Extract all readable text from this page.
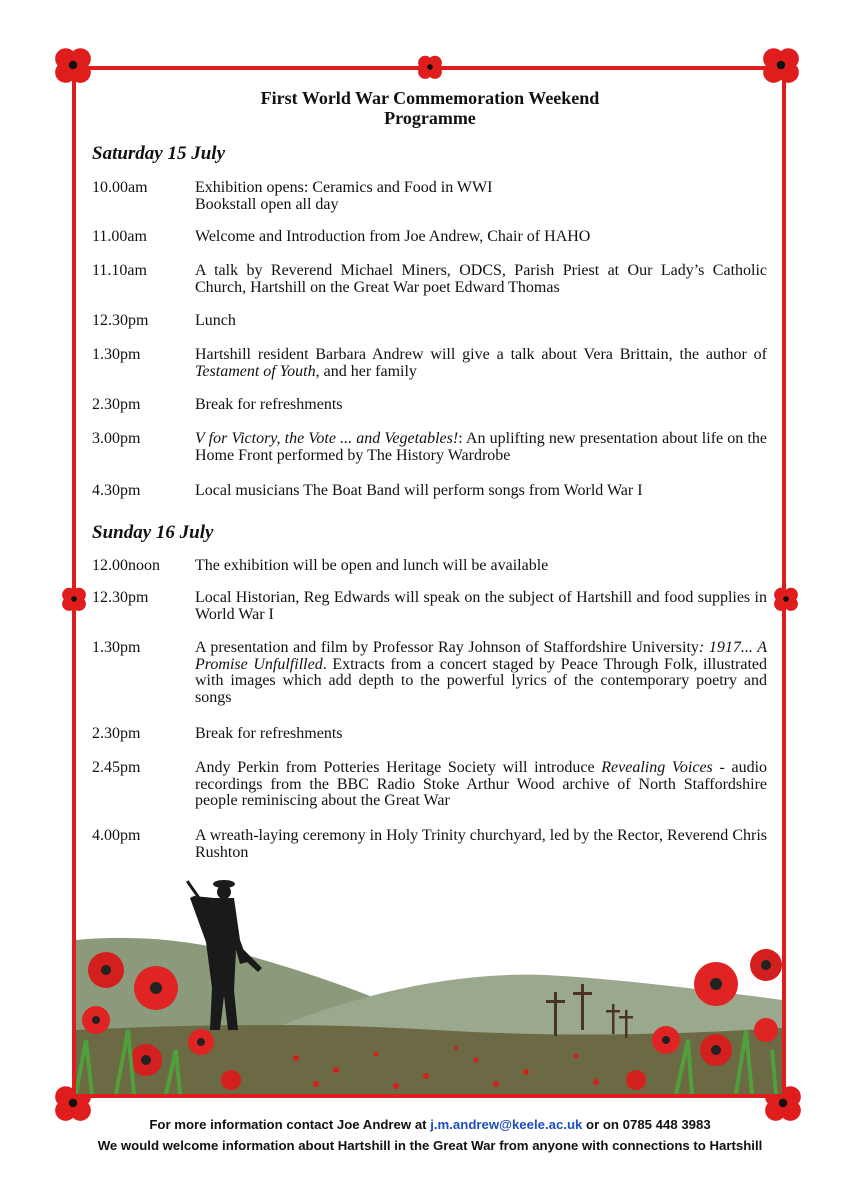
First World War Commemoration Weekend
Programme
Saturday 15 July
10.00am	Exhibition opens: Ceramics and Food in WWI
Bookstall open all day
11.00am	Welcome and Introduction from Joe Andrew, Chair of HAHO
11.10am	A talk by Reverend Michael Miners, ODCS, Parish Priest at Our Lady’s Catholic Church, Hartshill on the Great War poet Edward Thomas
12.30pm	Lunch
1.30pm	Hartshill resident Barbara Andrew will give a talk about Vera Brittain, the author of Testament of Youth, and her family
2.30pm	Break for refreshments
3.00pm	V for Victory, the Vote ... and Vegetables!: An uplifting new presentation about life on the Home Front performed by The History Wardrobe
4.30pm	Local musicians The Boat Band will perform songs from World War I
Sunday 16 July
12.00noon	The exhibition will be open and lunch will be available
12.30pm	Local Historian, Reg Edwards will speak on the subject of Hartshill and food supplies in World War I
1.30pm	A presentation and film by Professor Ray Johnson of Staffordshire University: 1917... A Promise Unfulfilled. Extracts from a concert staged by Peace Through Folk, illustrated with images which add depth to the powerful lyrics of the contemporary poetry and songs
2.30pm	Break for refreshments
2.45pm	Andy Perkin from Potteries Heritage Society will introduce Revealing Voices - audio recordings from the BBC Radio Stoke Arthur Wood archive of North Staffordshire people reminiscing about the Great War
4.00pm	A wreath-laying ceremony in Holy Trinity churchyard, led by the Rector, Reverend Chris Rushton
For more information contact Joe Andrew at j.m.andrew@keele.ac.uk or on 0785 448 3983
We would welcome information about Hartshill in the Great War from anyone with connections to Hartshill
